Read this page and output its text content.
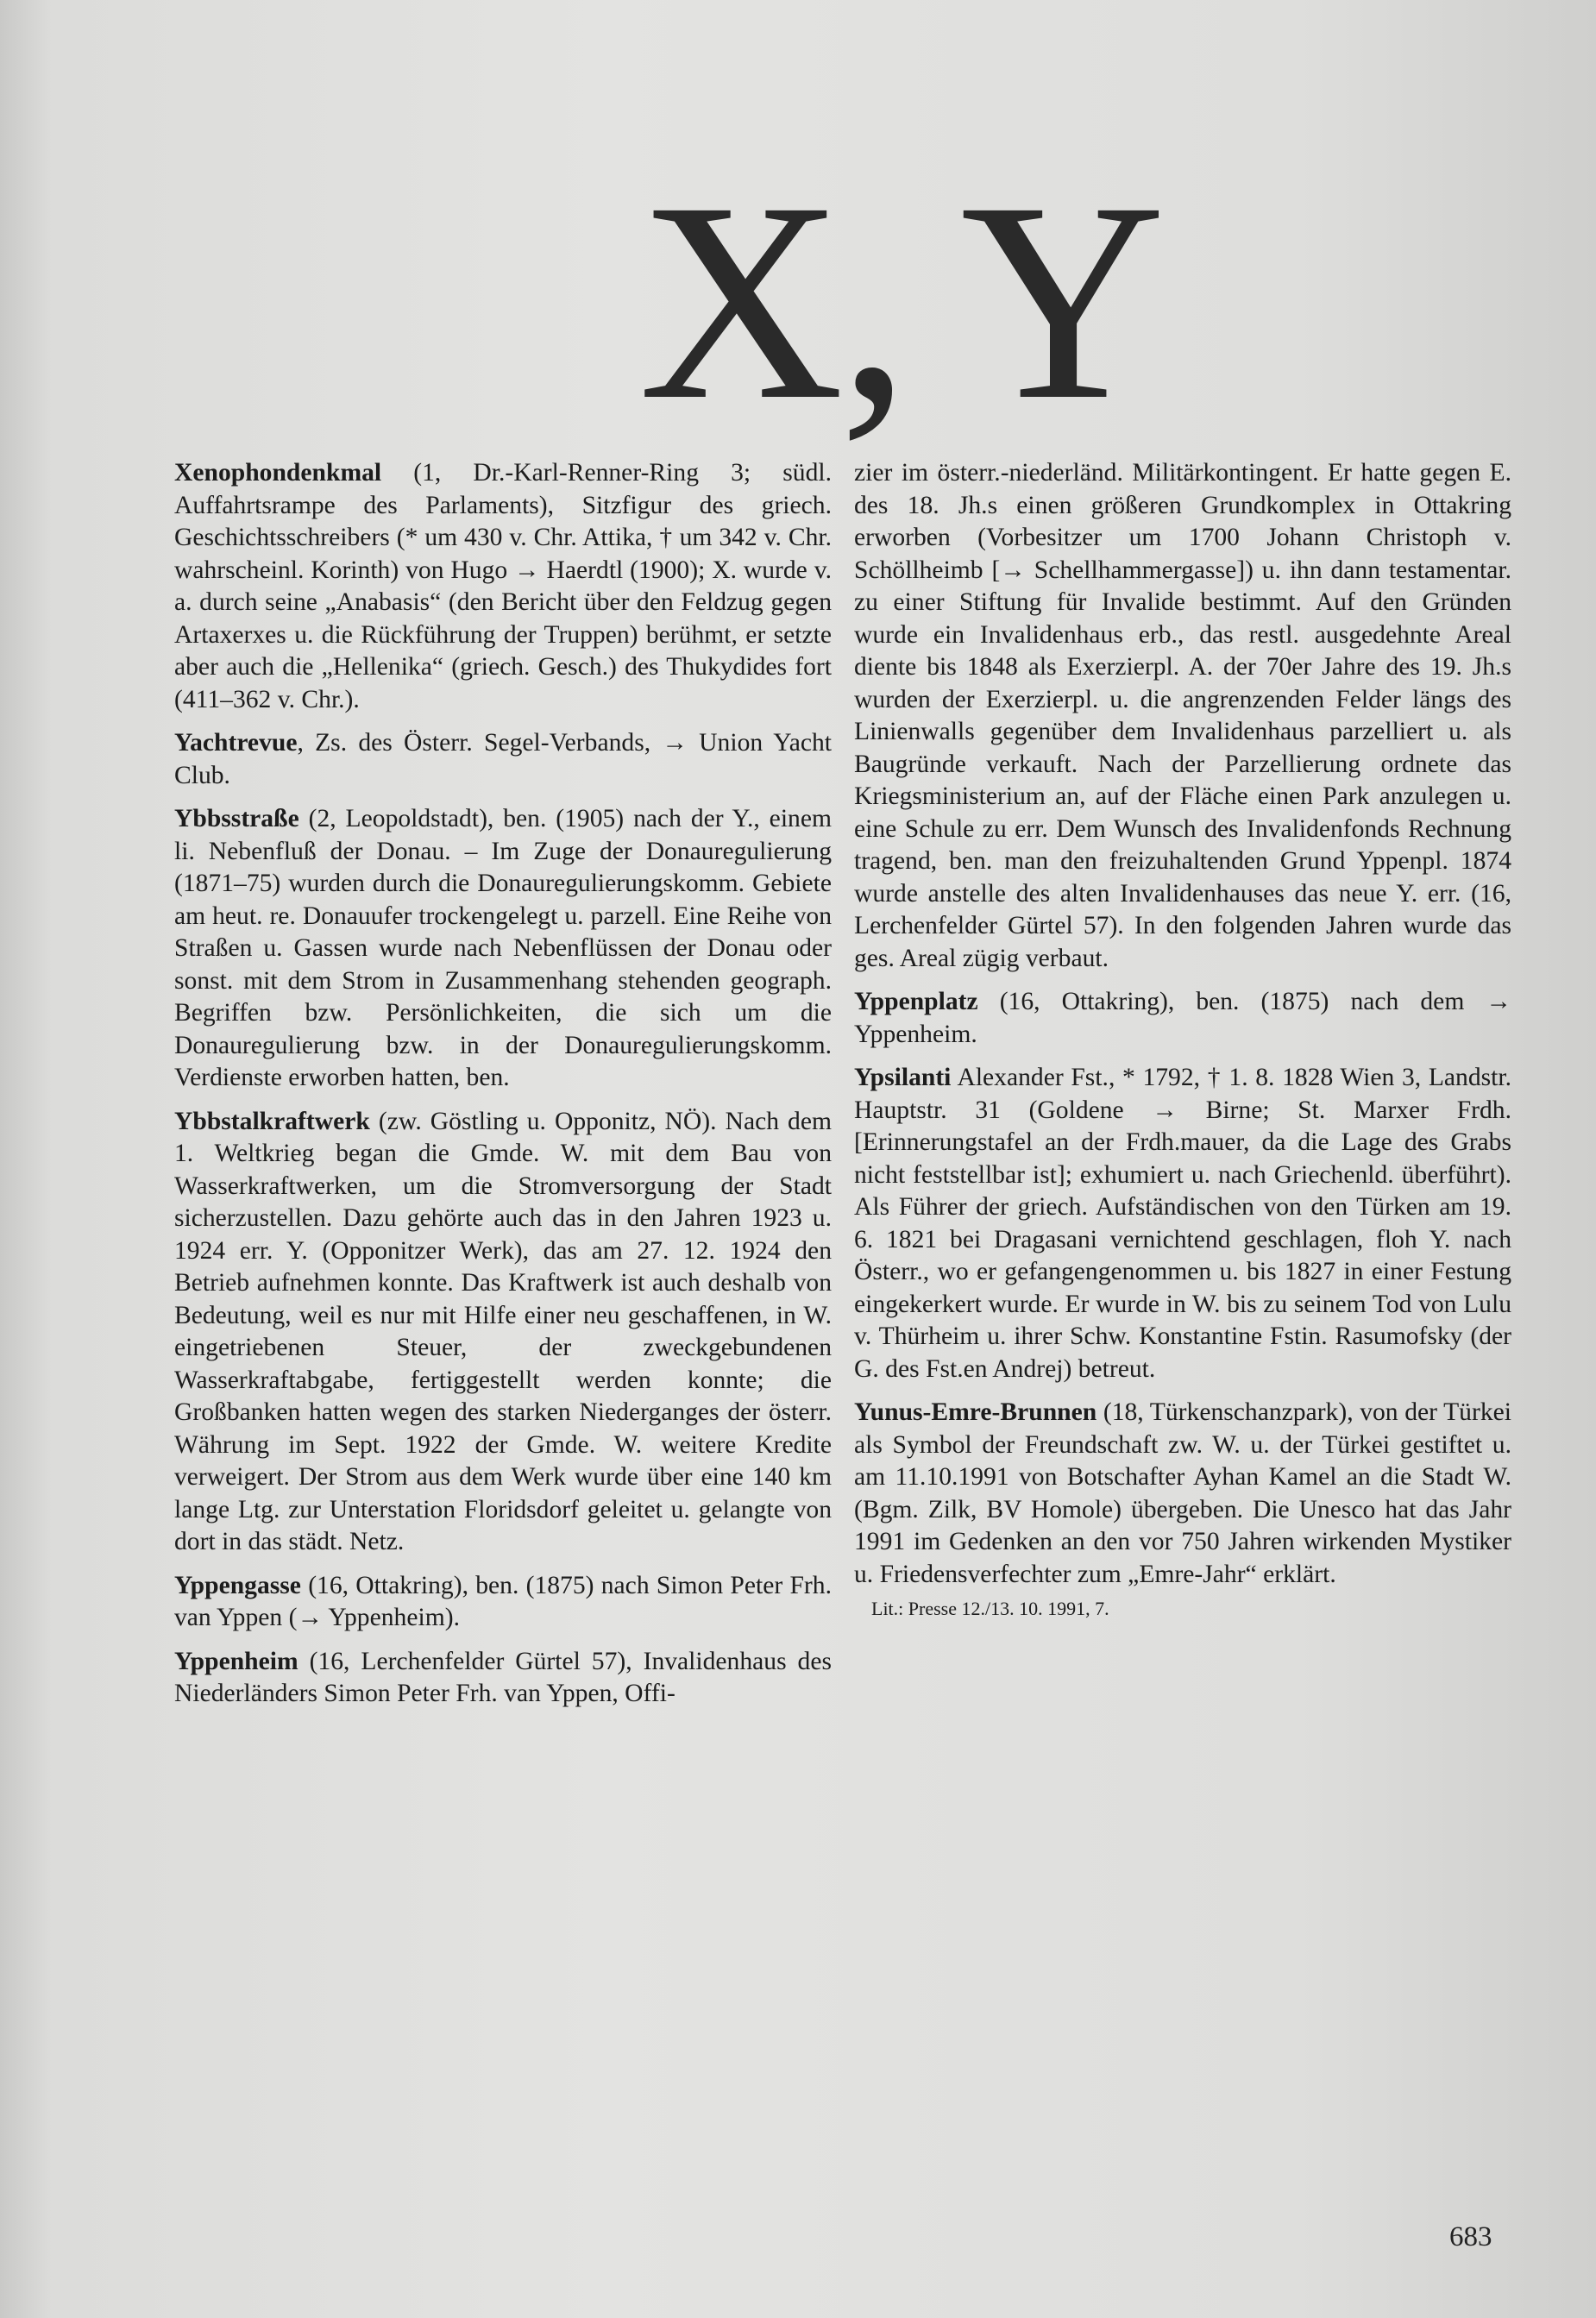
X, Y

Xenophondenkmal (1, Dr.-Karl-Renner-Ring 3; südl. Auffahrtsrampe des Parlaments), Sitzfigur des griech. Geschichtsschreibers (* um 430 v. Chr. Attika, † um 342 v. Chr. wahrscheinl. Korinth) von Hugo → Haerdtl (1900); X. wurde v. a. durch seine „Anabasis“ (den Bericht über den Feldzug gegen Artaxerxes u. die Rückführung der Truppen) berühmt, er setzte aber auch die „Hellenika“ (griech. Gesch.) des Thukydides fort (411–362 v. Chr.).

Yachtrevue, Zs. des Österr. Segel-Verbands, → Union Yacht Club.

Ybbsstraße (2, Leopoldstadt), ben. (1905) nach der Y., einem li. Nebenfluß der Donau. – Im Zuge der Donauregulierung (1871–75) wurden durch die Donauregulierungskomm. Gebiete am heut. re. Donauufer trockengelegt u. parzell. Eine Reihe von Straßen u. Gassen wurde nach Nebenflüssen der Donau oder sonst. mit dem Strom in Zusammenhang stehenden geograph. Begriffen bzw. Persönlichkeiten, die sich um die Donauregulierung bzw. in der Donauregulierungskomm. Verdienste erworben hatten, ben.

Ybbstalkraftwerk (zw. Göstling u. Opponitz, NÖ). Nach dem 1. Weltkrieg began die Gmde. W. mit dem Bau von Wasserkraftwerken, um die Stromversorgung der Stadt sicherzustellen. Dazu gehörte auch das in den Jahren 1923 u. 1924 err. Y. (Opponitzer Werk), das am 27. 12. 1924 den Betrieb aufnehmen konnte. Das Kraftwerk ist auch deshalb von Bedeutung, weil es nur mit Hilfe einer neu geschaffenen, in W. eingetriebenen Steuer, der zweckgebundenen Wasserkraftabgabe, fertiggestellt werden konnte; die Großbanken hatten wegen des starken Niederganges der österr. Währung im Sept. 1922 der Gmde. W. weitere Kredite verweigert. Der Strom aus dem Werk wurde über eine 140 km lange Ltg. zur Unterstation Floridsdorf geleitet u. gelangte von dort in das städt. Netz.

Yppengasse (16, Ottakring), ben. (1875) nach Simon Peter Frh. van Yppen (→ Yppenheim).

Yppenheim (16, Lerchenfelder Gürtel 57), Invalidenhaus des Niederländers Simon Peter Frh. van Yppen, Offi-

zier im österr.-niederländ. Militärkontingent. Er hatte gegen E. des 18. Jh.s einen größeren Grundkomplex in Ottakring erworben (Vorbesitzer um 1700 Johann Christoph v. Schöllheimb [→ Schellhammergasse]) u. ihn dann testamentar. zu einer Stiftung für Invalide bestimmt. Auf den Gründen wurde ein Invalidenhaus erb., das restl. ausgedehnte Areal diente bis 1848 als Exerzierpl. A. der 70er Jahre des 19. Jh.s wurden der Exerzierpl. u. die angrenzenden Felder längs des Linienwalls gegenüber dem Invalidenhaus parzelliert u. als Baugründe verkauft. Nach der Parzellierung ordnete das Kriegsministerium an, auf der Fläche einen Park anzulegen u. eine Schule zu err. Dem Wunsch des Invalidenfonds Rechnung tragend, ben. man den freizuhaltenden Grund Yppenpl. 1874 wurde anstelle des alten Invalidenhauses das neue Y. err. (16, Lerchenfelder Gürtel 57). In den folgenden Jahren wurde das ges. Areal zügig verbaut.

Yppenplatz (16, Ottakring), ben. (1875) nach dem → Yppenheim.

Ypsilanti Alexander Fst., * 1792, † 1. 8. 1828 Wien 3, Landstr. Hauptstr. 31 (Goldene → Birne; St. Marxer Frdh. [Erinnerungstafel an der Frdh.mauer, da die Lage des Grabs nicht feststellbar ist]; exhumiert u. nach Griechenld. überführt). Als Führer der griech. Aufständischen von den Türken am 19. 6. 1821 bei Dragasani vernichtend geschlagen, floh Y. nach Österr., wo er gefangengenommen u. bis 1827 in einer Festung eingekerkert wurde. Er wurde in W. bis zu seinem Tod von Lulu v. Thürheim u. ihrer Schw. Konstantine Fstin. Rasumofsky (der G. des Fst.en Andrej) betreut.

Yunus-Emre-Brunnen (18, Türkenschanzpark), von der Türkei als Symbol der Freundschaft zw. W. u. der Türkei gestiftet u. am 11.10.1991 von Botschafter Ayhan Kamel an die Stadt W. (Bgm. Zilk, BV Homole) übergeben. Die Unesco hat das Jahr 1991 im Gedenken an den vor 750 Jahren wirkenden Mystiker u. Friedensverfechter zum „Emre-Jahr“ erklärt.

Lit.: Presse 12./13. 10. 1991, 7.
683
